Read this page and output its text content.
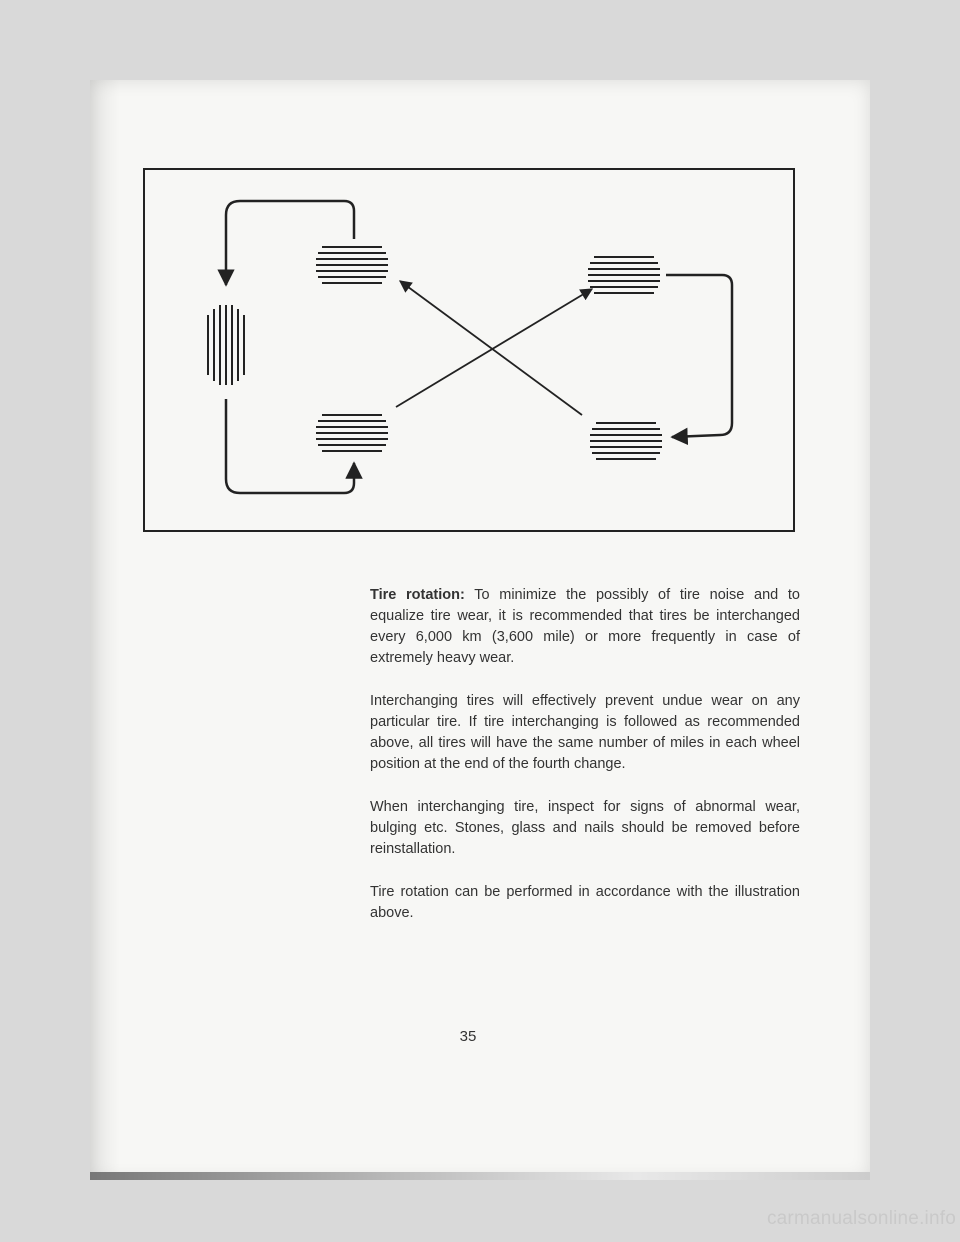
Tire rotation: To minimize the possibly of tire noise and to equalize tire wear, it is recommended that tires be interchanged every 6,000 km (3,600 mile) or more frequently in case of extremely heavy wear.

Interchanging tires will effectively prevent undue wear on any particular tire. If tire interchanging is followed as recommended above, all tires will have the same number of miles in each wheel position at the end of the fourth change.

When interchanging tire, inspect for signs of abnormal wear, bulging etc. Stones, glass and nails should be removed before reinstallation.

Tire rotation can be performed in accordance with the illustration above.

35
carmanualsonline.info
